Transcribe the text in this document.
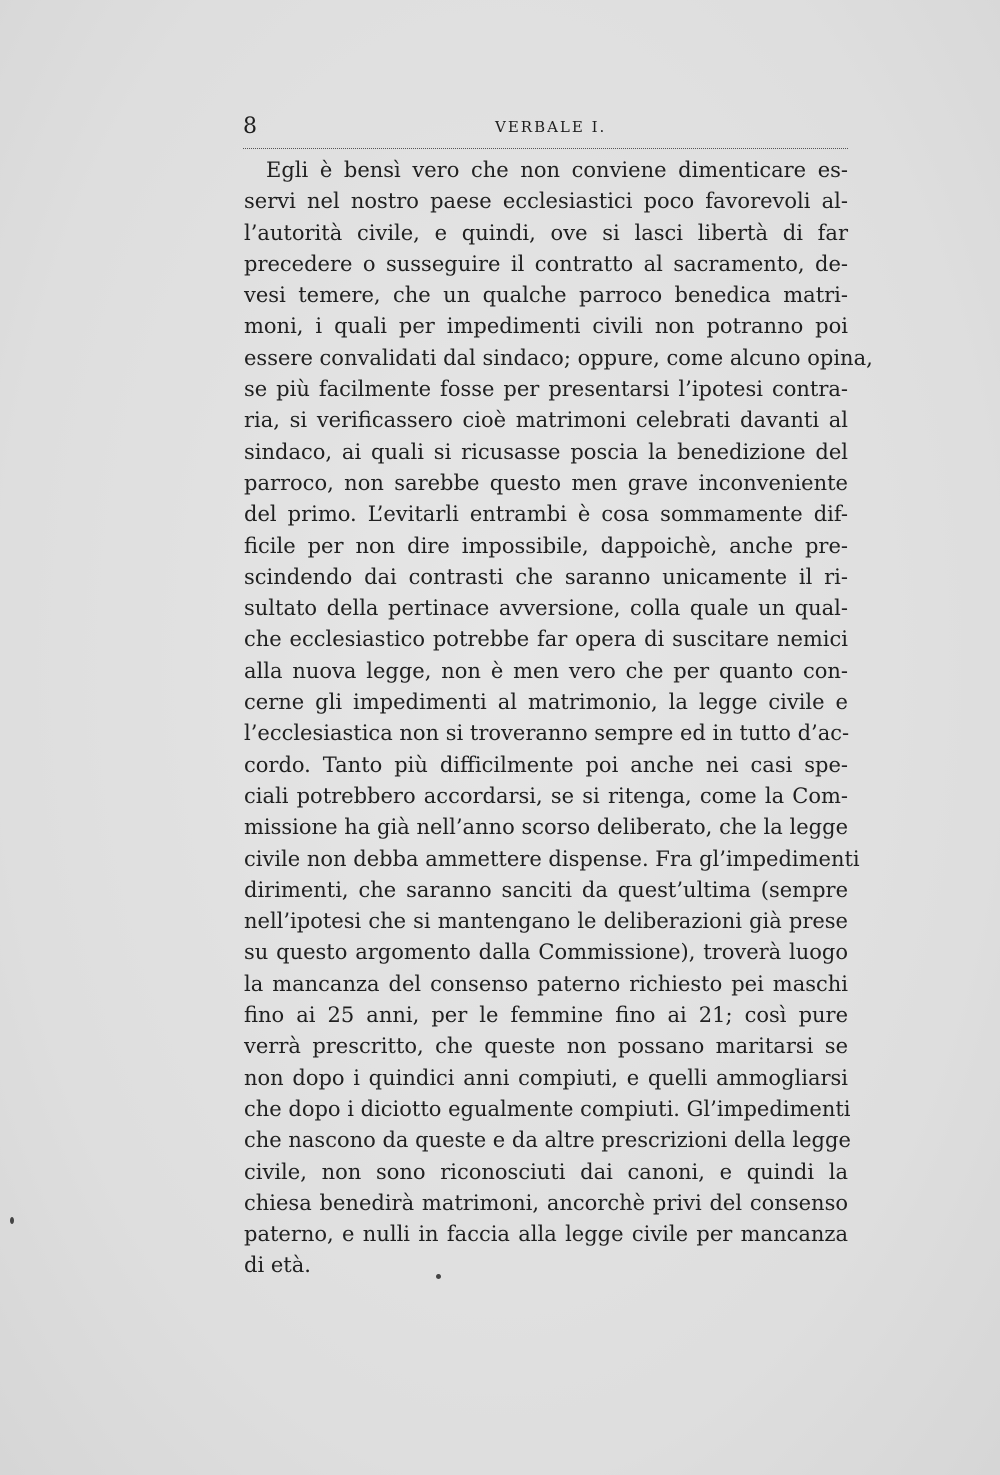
8	VERBALE I.
Egli è bensì vero che non conviene dimenticare es-
servi nel nostro paese ecclesiastici poco favorevoli al-
l’autorità civile, e quindi, ove si lasci libertà di far
precedere o susseguire il contratto al sacramento, de-
vesi temere, che un qualche parroco benedica matri-
moni, i quali per impedimenti civili non potranno poi
essere convalidati dal sindaco; oppure, come alcuno opina,
se più facilmente fosse per presentarsi l’ipotesi contra-
ria, si verificassero cioè matrimoni celebrati davanti al
sindaco, ai quali si ricusasse poscia la benedizione del
parroco, non sarebbe questo men grave inconveniente
del primo. L’evitarli entrambi è cosa sommamente dif-
ficile per non dire impossibile, dappoichè, anche pre-
scindendo dai contrasti che saranno unicamente il ri-
sultato della pertinace avversione, colla quale un qual-
che ecclesiastico potrebbe far opera di suscitare nemici
alla nuova legge, non è men vero che per quanto con-
cerne gli impedimenti al matrimonio, la legge civile e
l’ecclesiastica non si troveranno sempre ed in tutto d’ac-
cordo. Tanto più difficilmente poi anche nei casi spe-
ciali potrebbero accordarsi, se si ritenga, come la Com-
missione ha già nell’anno scorso deliberato, che la legge
civile non debba ammettere dispense. Fra gl’impedimenti
dirimenti, che saranno sanciti da quest’ultima (sempre
nell’ipotesi che si mantengano le deliberazioni già prese
su questo argomento dalla Commissione), troverà luogo
la mancanza del consenso paterno richiesto pei maschi
fino ai 25 anni, per le femmine fino ai 21; così pure
verrà prescritto, che queste non possano maritarsi se
non dopo i quindici anni compiuti, e quelli ammogliarsi
che dopo i diciotto egualmente compiuti. Gl’impedimenti
che nascono da queste e da altre prescrizioni della legge
civile, non sono riconosciuti dai canoni, e quindi la
chiesa benedirà matrimoni, ancorchè privi del consenso
paterno, e nulli in faccia alla legge civile per mancanza
di età.
